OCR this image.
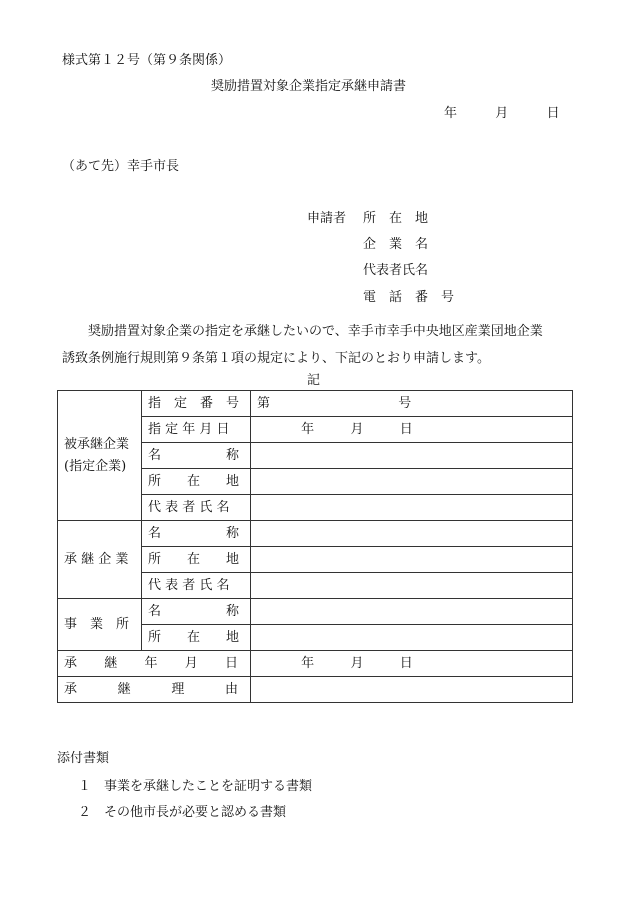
様式第１２号（第９条関係）
奨励措置対象企業指定承継申請書
年	月	日
（あて先）幸手市長
申請者 所　在　地
企　業　名
代表者氏名
電　話　番　号
奨励措置対象企業の指定を承継したいので、幸手市幸手中央地区産業団地企業
誘致条例施行規則第９条第１項の規定により、下記のとおり申請します。
記
被承継企業
(指定企業)	指　定　番　号	第 号
	指 定 年 月 日	年 月 日
	名　　　　　称	
	所　　在　　地	
	代 表 者 氏 名	
承 継 企 業	名　　　　　称	
	所　　在　　地	
	代 表 者 氏 名	
事　業　所	名　　　　　称	
	所　　在　　地	

承 継 年 月 日		年 月 日

承 継 理 由		

添付書類
１　事業を承継したことを証明する書類
２　その他市長が必要と認める書類
